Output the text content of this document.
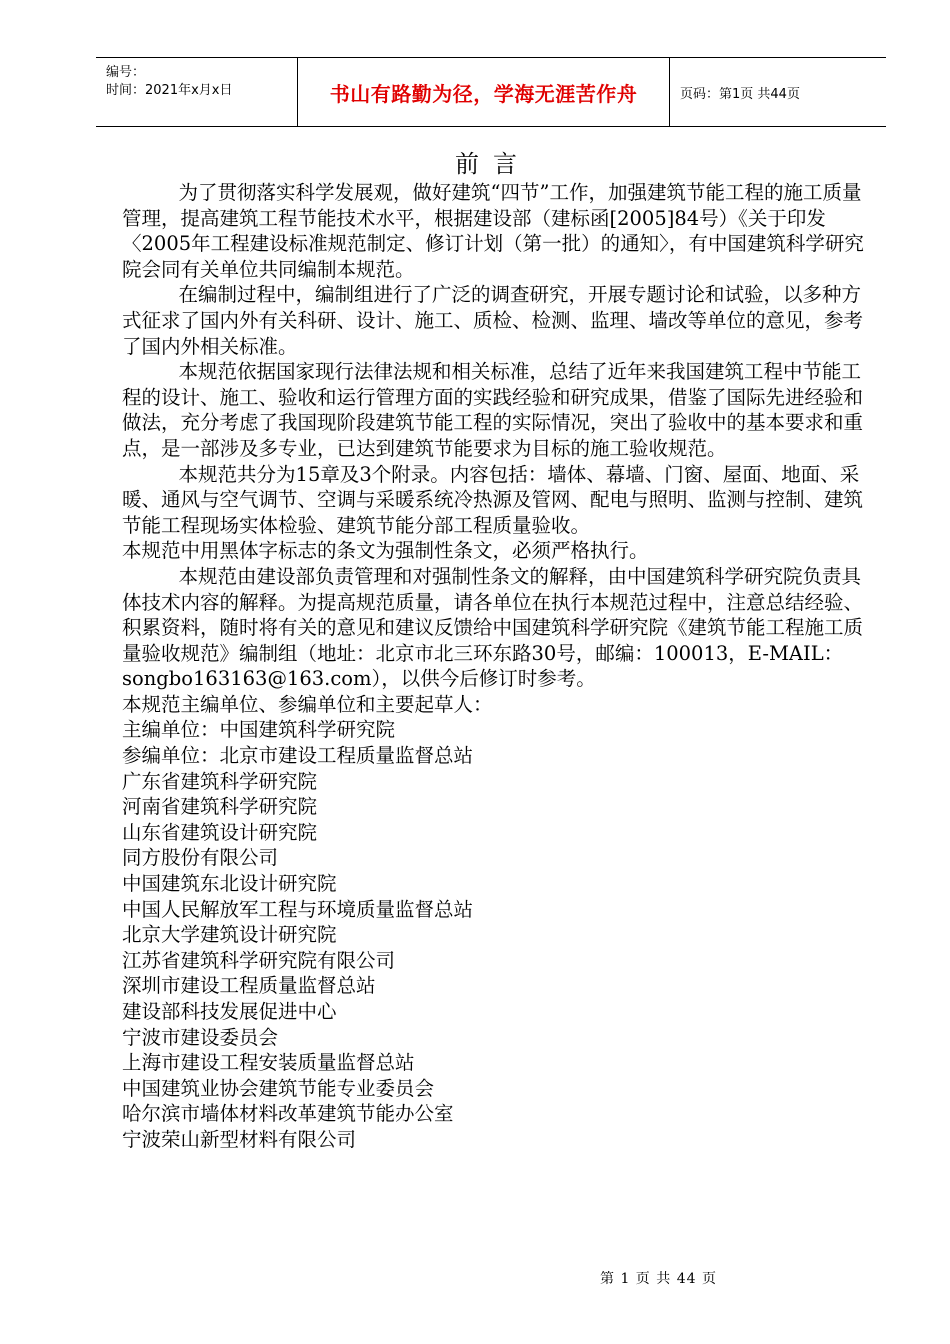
编号：
时间：2021年x月x日	书山有路勤为径，学海无涯苦作舟	页码：第1页 共44页
前言

为了贯彻落实科学发展观，做好建筑“四节”工作，加强建筑节能工程的施工质量管理，提高建筑工程节能技术水平，根据建设部（建标函[2005]84号）《关于印发〈2005年工程建设标准规范制定、修订计划（第一批）的通知〉，有中国建筑科学研究院会同有关单位共同编制本规范。

在编制过程中，编制组进行了广泛的调查研究，开展专题讨论和试验，以多种方式征求了国内外有关科研、设计、施工、质检、检测、监理、墙改等单位的意见，参考了国内外相关标准。

本规范依据国家现行法律法规和相关标准，总结了近年来我国建筑工程中节能工程的设计、施工、验收和运行管理方面的实践经验和研究成果，借鉴了国际先进经验和做法，充分考虑了我国现阶段建筑节能工程的实际情况，突出了验收中的基本要求和重点，是一部涉及多专业，已达到建筑节能要求为目标的施工验收规范。

本规范共分为15章及3个附录。内容包括：墙体、幕墙、门窗、屋面、地面、采暖、通风与空气调节、空调与采暖系统冷热源及管网、配电与照明、监测与控制、建筑节能工程现场实体检验、建筑节能分部工程质量验收。

本规范中用黑体字标志的条文为强制性条文，必须严格执行。

本规范由建设部负责管理和对强制性条文的解释，由中国建筑科学研究院负责具体技术内容的解释。为提高规范质量，请各单位在执行本规范过程中，注意总结经验、积累资料，随时将有关的意见和建议反馈给中国建筑科学研究院《建筑节能工程施工质量验收规范》编制组（地址：北京市北三环东路30号，邮编：100013，E-MAIL：songbo163163@163.com），以供今后修订时参考。

本规范主编单位、参编单位和主要起草人：

主编单位：中国建筑科学研究院

参编单位：北京市建设工程质量监督总站

广东省建筑科学研究院

河南省建筑科学研究院

山东省建筑设计研究院

同方股份有限公司

中国建筑东北设计研究院

中国人民解放军工程与环境质量监督总站

北京大学建筑设计研究院

江苏省建筑科学研究院有限公司

深圳市建设工程质量监督总站

建设部科技发展促进中心

宁波市建设委员会

上海市建设工程安装质量监督总站

中国建筑业协会建筑节能专业委员会

哈尔滨市墙体材料改革建筑节能办公室

宁波荣山新型材料有限公司

第 1 页 共 44 页
